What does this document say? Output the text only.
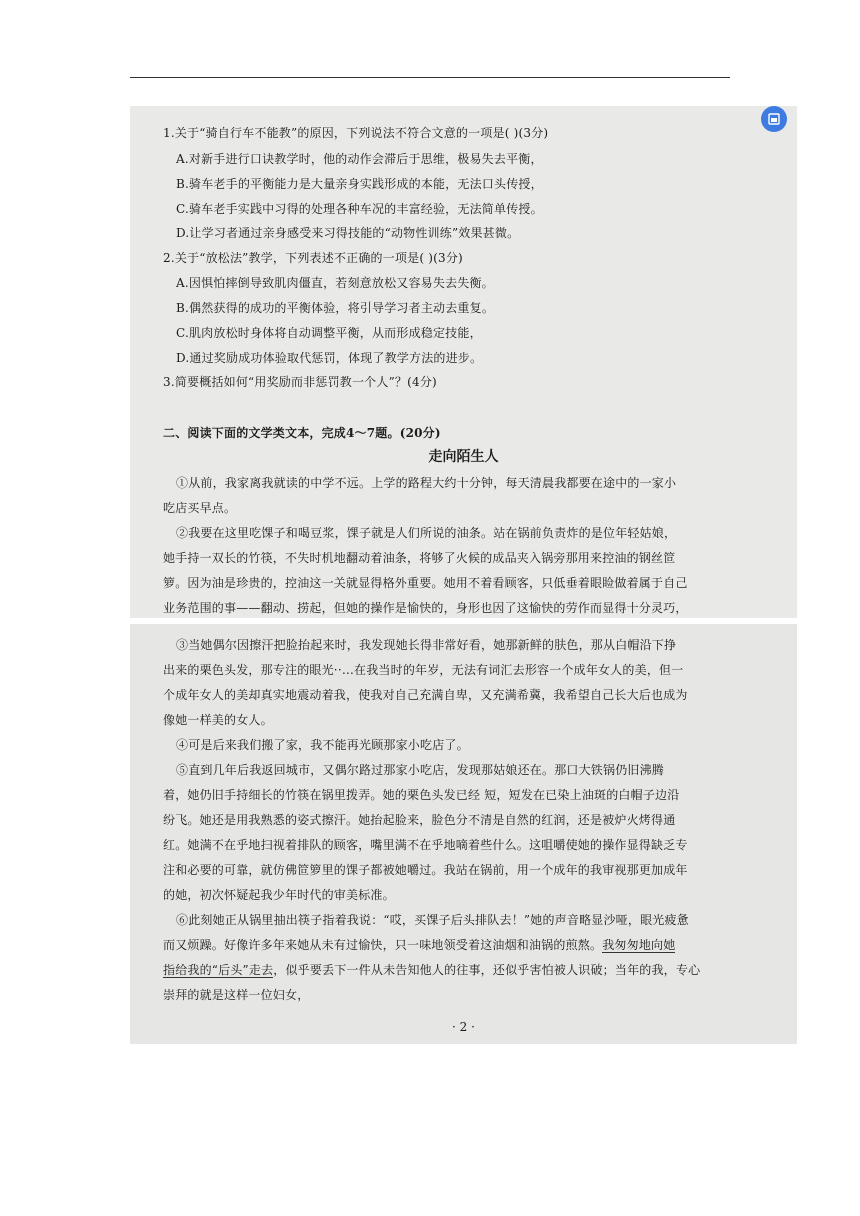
1.关于“骑自行车不能教”的原因，下列说法不符合文意的一项是( )(3分)
A.对新手进行口诀教学时，他的动作会滞后于思维，极易失去平衡，
B.骑车老手的平衡能力是大量亲身实践形成的本能，无法口头传授，
C.骑车老手实践中习得的处理各种车况的丰富经验，无法简单传授。
D.让学习者通过亲身感受来习得技能的“动物性训练”效果甚微。
2.关于“放松法”教学，下列表述不正确的一项是( )(3分)
A.因惧怕摔倒导致肌肉僵直，若刻意放松又容易失去失衡。
B.偶然获得的成功的平衡体验，将引导学习者主动去重复。
C.肌肉放松时身体将自动调整平衡，从而形成稳定技能，
D.通过奖励成功体验取代惩罚，体现了教学方法的进步。
3.简要概括如何“用奖励而非惩罚教一个人”？(4分)
二、阅读下面的文学类文本，完成4～7题。(20分)
走向陌生人
①从前，我家离我就读的中学不远。上学的路程大约十分钟，每天清晨我都要在途中的一家小
吃店买早点。
②我要在这里吃馃子和喝豆浆，馃子就是人们所说的油条。站在锅前负责炸的是位年轻姑娘，
她手持一双长的竹筷，不失时机地翻动着油条，将够了火候的成品夹入锅旁那用来控油的钢丝笸
箩。因为油是珍贵的，控油这一关就显得格外重要。她用不着看顾客，只低垂着眼睑做着属于自己
业务范围的事——翻动、捞起，但她的操作是愉快的，身形也因了这愉快的劳作而显得十分灵巧，
③当她偶尔因擦汗把脸抬起来时，我发现她长得非常好看，她那新鲜的肤色，那从白帽沿下挣
出来的栗色头发，那专注的眼光··…在我当时的年岁，无法有词汇去形容一个成年女人的美，但一
个成年女人的美却真实地震动着我，使我对自己充满自卑，又充满希冀，我希望自己长大后也成为
像她一样美的女人。
④可是后来我们搬了家，我不能再光顾那家小吃店了。
⑤直到几年后我返回城市，又偶尔路过那家小吃店，发现那姑娘还在。那口大铁锅仍旧沸腾
着，她仍旧手持细长的竹筷在锅里拨弄。她的栗色头发已经 短，短发在已染上油斑的白帽子边沿
纷飞。她还是用我熟悉的姿式擦汗。她抬起脸来，脸色分不清是自然的红润，还是被炉火烤得通
红。她满不在乎地扫视着排队的顾客，嘴里满不在乎地嘀着些什么。这咀嚼使她的操作显得缺乏专
注和必要的可靠，就仿佛笸箩里的馃子都被她嚼过。我站在锅前，用一个成年的我审视那更加成年
的她，初次怀疑起我少年时代的审美标准。
⑥此刻她正从锅里抽出筷子指着我说：“哎，买馃子后头排队去！”她的声音略显沙哑，眼光疲惫
而又烦躁。好像许多年来她从未有过愉快，只一味地领受着这油烟和油锅的煎熬。我匆匆地向她
指给我的“后头”走去，似乎要丢下一件从未告知他人的往事，还似乎害怕被人识破；当年的我，专心
崇拜的就是这样一位妇女，
· 2 ·
